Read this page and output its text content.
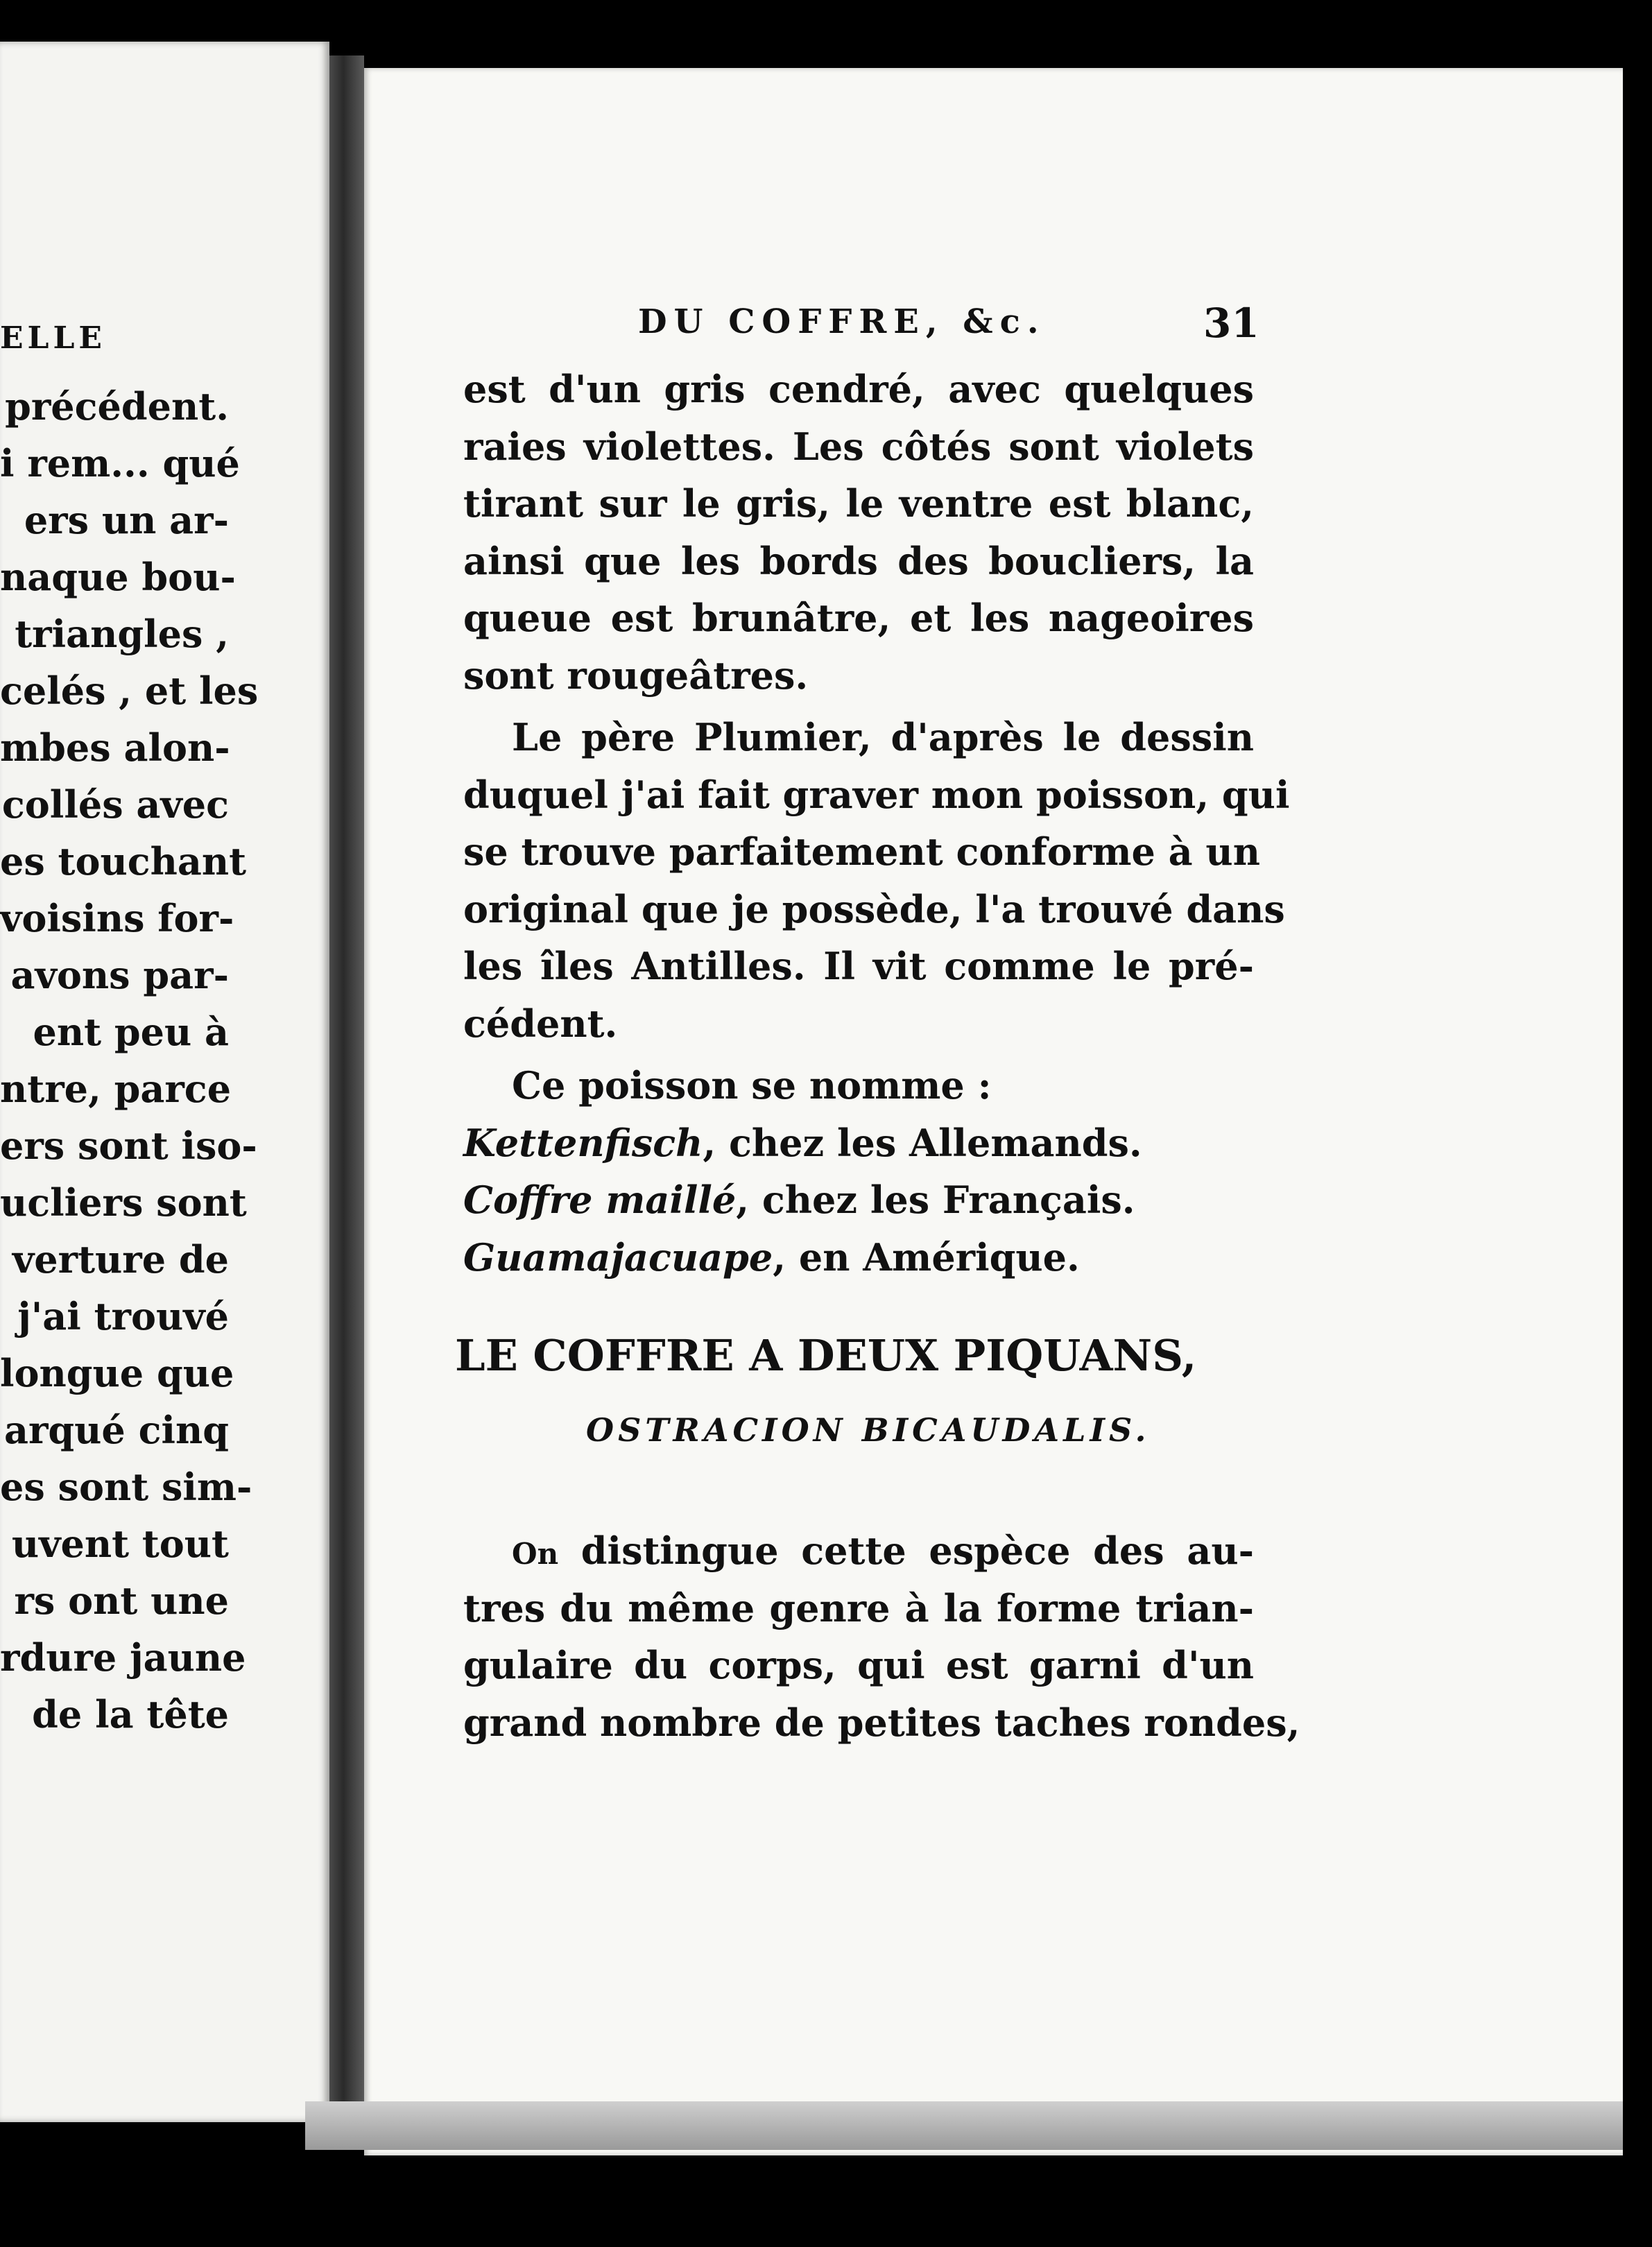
ELLE
précédent.
i rem... qué
ers un ar-
naque bou-
triangles ,
celés , et les
mbes alon-
collés avec
es touchant
voisins for-
avons par-
ent peu à
ntre, parce
ers sont iso-
ucliers sont
verture de
j'ai trouvé
longue que
arqué cinq
es sont sim-
uvent tout
rs ont une
rdure jaune
de la tête
DU COFFRE, &c.	31
est d'un gris cendré, avec quelques
raies violettes. Les côtés sont violets
tirant sur le gris, le ventre est blanc,
ainsi que les bords des boucliers, la
queue est brunâtre, et les nageoires
sont rougeâtres.
Le père Plumier, d'après le dessin
duquel j'ai fait graver mon poisson, qui
se trouve parfaitement conforme à un
original que je possède, l'a trouvé dans
les îles Antilles. Il vit comme le pré-
cédent.
Ce poisson se nomme :
Kettenfisch, chez les Allemands.
Coffre maillé, chez les Français.
Guamajacuape, en Amérique.
LE COFFRE A DEUX PIQUANS,
OSTRACION BICAUDALIS.
On distingue cette espèce des au-
tres du même genre à la forme trian-
gulaire du corps, qui est garni d'un
grand nombre de petites taches rondes,
